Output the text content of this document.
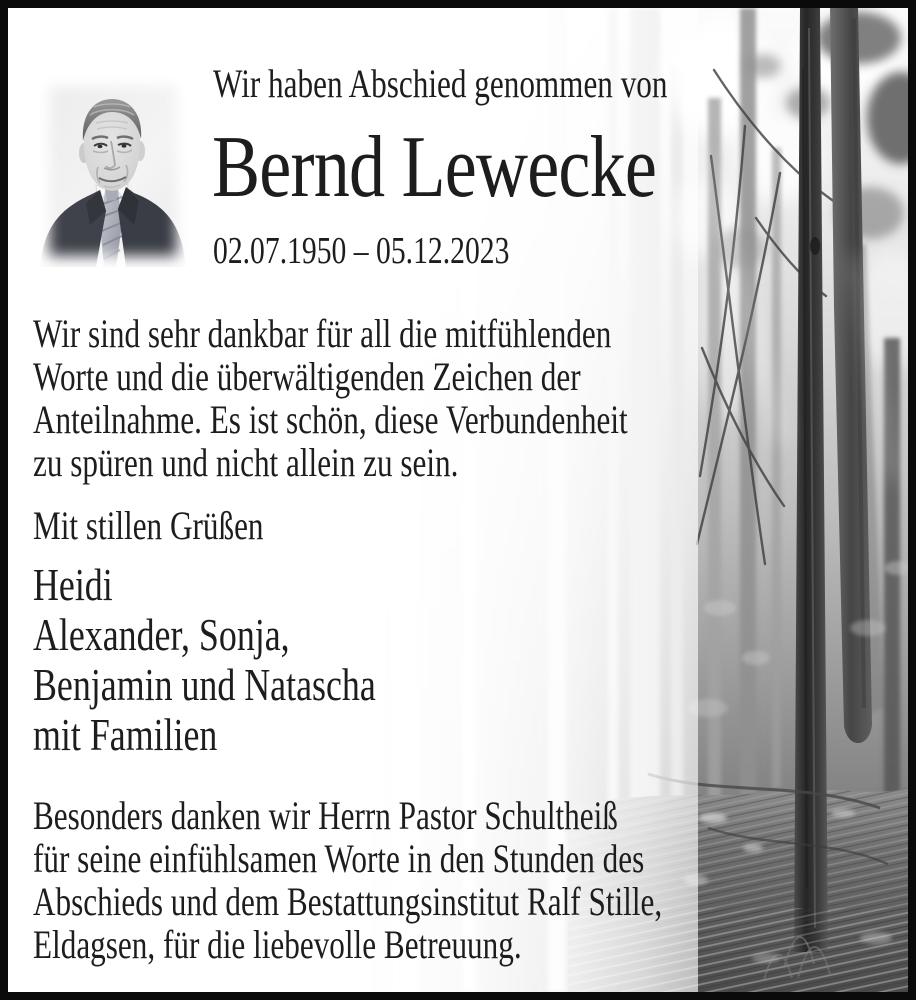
Wir haben Abschied genommen von
Bernd Lewecke
02.07.1950 – 05.12.2023
Wir sind sehr dankbar für all die mitfühlenden
Worte und die überwältigenden Zeichen der
Anteilnahme. Es ist schön, diese Verbundenheit
zu spüren und nicht allein zu sein.
Mit stillen Grüßen
Heidi
Alexander, Sonja,
Benjamin und Natascha
mit Familien
Besonders danken wir Herrn Pastor Schultheiß
für seine einfühlsamen Worte in den Stunden des
Abschieds und dem Bestattungsinstitut Ralf Stille,
Eldagsen, für die liebevolle Betreuung.
